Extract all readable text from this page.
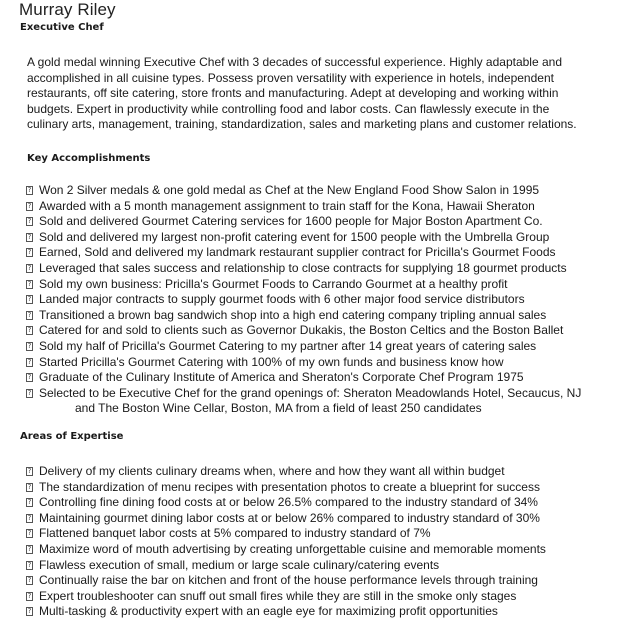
Murray Riley
Executive Chef

A gold medal winning Executive Chef with 3 decades of successful experience. Highly adaptable and accomplished in all cuisine types. Possess proven versatility with experience in hotels, independent restaurants, off site catering, store fronts and manufacturing. Adept at developing and working within budgets. Expert in productivity while controlling food and labor costs. Can flawlessly execute in the culinary arts, management, training, standardization, sales and marketing plans and customer relations.

Key Accomplishments
?
Won 2 Silver medals & one gold medal as Chef at the New England Food Show Salon in 1995
?
Awarded with a 5 month management assignment to train staff for the Kona, Hawaii Sheraton
?
Sold and delivered Gourmet Catering services for 1600 people for Major Boston Apartment Co.
?
Sold and delivered my largest non-profit catering event for 1500 people with the Umbrella Group
?
Earned, Sold and delivered my landmark restaurant supplier contract for Pricilla's Gourmet Foods
?
Leveraged that sales success and relationship to close contracts for supplying 18 gourmet products
?
Sold my own business: Pricilla's Gourmet Foods to Carrando Gourmet at a healthy profit
?
Landed major contracts to supply gourmet foods with 6 other major food service distributors
?
Transitioned a brown bag sandwich shop into a high end catering company tripling annual sales
?
Catered for and sold to clients such as Governor Dukakis, the Boston Celtics and the Boston Ballet
?
Sold my half of Pricilla's Gourmet Catering to my partner after 14 great years of catering sales
?
Started Pricilla's Gourmet Catering with 100% of my own funds and business know how
?
Graduate of the Culinary Institute of America and Sheraton's Corporate Chef Program 1975
?
Selected to be Executive Chef for the grand openings of: Sheraton Meadowlands Hotel, Secaucus, NJ
and The Boston Wine Cellar, Boston, MA from a field of least 250 candidates
Areas of Expertise
?
Delivery of my clients culinary dreams when, where and how they want all within budget
?
The standardization of menu recipes with presentation photos to create a blueprint for success
?
Controlling fine dining food costs at or below 26.5% compared to the industry standard of 34%
?
Maintaining gourmet dining labor costs at or below 26% compared to industry standard of 30%
?
Flattened banquet labor costs at 5% compared to industry standard of 7%
?
Maximize word of mouth advertising by creating unforgettable cuisine and memorable moments
?
Flawless execution of small, medium or large scale culinary/catering events
?
Continually raise the bar on kitchen and front of the house performance levels through training
?
Expert troubleshooter can snuff out small fires while they are still in the smoke only stages
?
Multi-tasking & productivity expert with an eagle eye for maximizing profit opportunities
